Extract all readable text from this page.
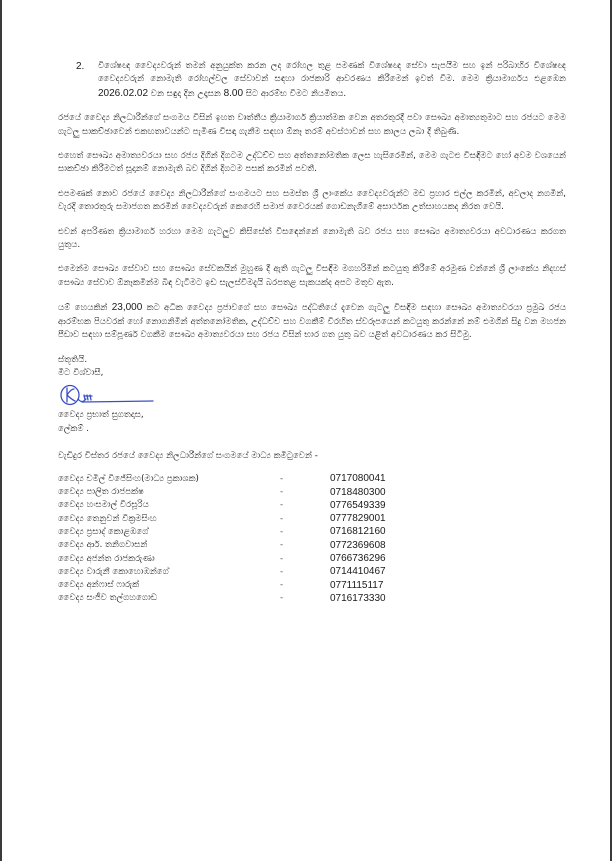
2.	විශේෂඥ වෛද්‍යවරුන් තමන් අනුයුක්ත කරන ලද රෝහල තුළ පමණක් විශේෂඥ සේවා සැපයීම සහ ඉන් පරිබාහිර විශේෂඥ වෛද්‍යවරුන් නොමැති රෝහල්වල සේවාවන් සඳහා රාජකාරි ආවරණය කිරීමෙන් ඉවත් වීම. මෙම ක්‍රියාමාර්ගය එළඹෙන 2026.02.02 වන සඳුදා දින උදෑසන 8.00 සිට ආරම්භ වීමට නියමිතය.

රජයේ වෛද්‍ය නිලධාරීන්ගේ සංගමය විසින් ඉහත වෘත්තීය ක්‍රියාමාර්ග ක්‍රියාත්මක වෙන අතරතුරදී පවා සෞඛ්‍ය අමාත්‍යතුමාට සහ රජයට මෙම ගැටලු සාකච්ඡාවෙන් එකඟතාවයන්ට පැමිණ විසඳා ගැනීම සඳහා ඕනෑ තරම් අවස්ථාවන් සහ කාලය ලබා දී තිබුණි.

එහෙත් සෞඛ්‍ය අමාත්‍යවරයා සහ රජය දිගින් දිගටම උද්ධච්ච සහ අත්තනෝමතික ලෙස හැසිරෙමින්, මෙම ගැටළු විසඳීමට හෝ අවම වශයෙන් සාකච්ඡා කිරීමටත් සූදානම් නොමැති බව දිගින් දිගටම පසක් කරමින් පවතී.

එපමණක් නොව රජයේ වෛද්‍ය නිලධාරීන්ගේ සංගමයට සහ සමස්ත ශ්‍රී ලාංකේය වෛද්‍යවරුන්ට මඩ ප්‍රහාර එල්ල කරමින්, අවලාද නගමින්, වැරදි තොරතුරු සමාජගත කරමින් වෛද්‍යවරුන් කෙරෙහි සමාජ වෛරයක් ගොඩනැගීමේ අසාර්ථක උත්සාහයකද නිරත වෙයි.

එවන් අපරිණත ක්‍රියාමාර්ග හරහා මෙම ගැටලුව කිසිසේත් විසඳෙන්නේ නොමැති බව රජය සහ සෞඛ්‍ය අමාත්‍යවරයා අවධාරණය කරගත යුතුය.

එමෙන්ම සෞඛ්‍ය සේවාව සහ සෞඛ්‍ය සේවකයින් මුහුණ දී ඇති ගැටලු විසඳීම මගහරිමින් කටයුතු කිරීමේ අරමුණ වන්නේ ශ්‍රී ලාංකේය නිදහස් සෞඛ්‍ය සේවාව ඕනෑකමින්ම බිඳ වැටීමට ඉඩ සැලස්වීමදැයි බරපතළ සැකයක්ද අපට මතුව ඇත.

යම් හෙයකින් 23,000 කට අධික වෛද්‍ය ප්‍රජාවගේ සහ සෞඛ්‍ය පද්ධතියේ දැවෙන ගැටලු විසඳීම සඳහා සෞඛ්‍ය අමාත්‍යවරයා ප්‍රමුඛ රජය ආරම්භක පියවරක් හෝ නොගනිමින් අත්තනෝමතික, උද්ධච්ච සහ වගකීම් විරහිත ස්වරූපයෙන් කටයුතු කරන්නේ නම් එමගින් සිදු වන මහජන පීඩාව සඳහා සම්පූර්ණ වගකීම සෞඛ්‍ය අමාත්‍යවරයා සහ රජය විසින් භාර ගත යුතු බව යළිත් අවධාරණය කර සිටිමු.

ස්තූතියි.
මීට විශ්වාසී,
වෛද්‍ය ප්‍රභාත් සුගතදාස,
ලේකම් .
වැඩිදුර විස්තර රජයේ වෛද්‍ය නිලධාරීන්ගේ සංගමයේ මාධ්‍ය කමිටුවෙන් -
වෛද්‍ය චමිල් විජේසිංහ(මාධ්‍ය ප්‍රකාශක)	-	0717080041
වෛද්‍ය පාලිත රාජපක්ෂ	-	0718480300
වෛද්‍ය හංසමාල් වීරසූරිය	-	0776549339
වෛද්‍ය තෙනුවන් වික්‍රමසිංහ	-	0777829001
වෛද්‍ය ප්‍රසාද් කොළඹගේ	-	0716812160
වෛද්‍ය ආර්. තනිගවාසන්	-	0772369608
වෛද්‍ය අජන්ත රාජකරුණා	-	0766736296
වෛද්‍ය වාරුනී කොහොඹන්ගේ	-	0714410467
වෛද්‍ය අන්ෆාස් ෆාරුක්	-	0771115117
වෛද්‍ය සංජීව තල්ගහගොඩ	-	0716173330
